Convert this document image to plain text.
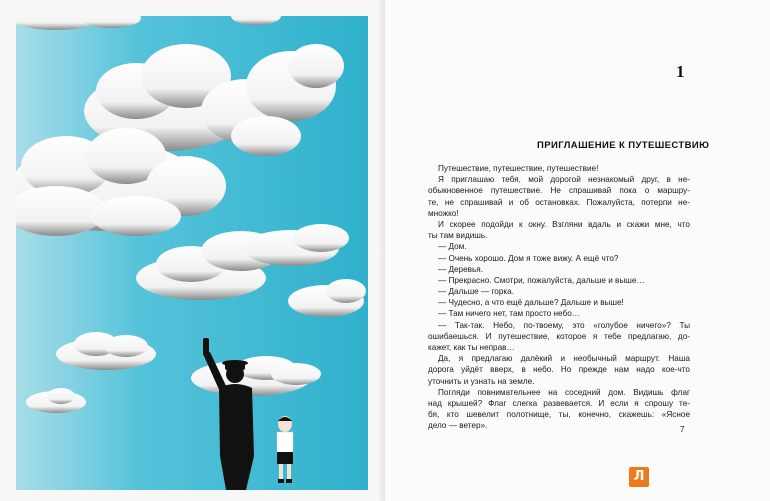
1
ПРИГЛАШЕНИЕ К ПУТЕШЕСТВИЮ
Путешествие, путешествие, путешествие!
Я приглашаю тебя, мой дорогой незнакомый друг, в не-
обыкновенное путешествие. Не спрашивай пока о маршру-
те, не спрашивай и об остановках. Пожалуйста, потерпи не-
множко!
И скорее подойди к окну. Взгляни вдаль и скажи мне, что
ты там видишь.
— Дом.
— Очень хорошо. Дом я тоже вижу. А ещё что?
— Деревья.
— Прекрасно. Смотри, пожалуйста, дальше и выше…
— Дальше — горка.
— Чудесно, а что ещё дальше? Дальше и выше!
— Там ничего нет, там просто небо…
— Так-так. Небо, по-твоему, это «голубое ничего»? Ты
ошибаешься. И путешествие, которое я тебе предлагаю, до-
кажет, как ты неправ…
Да, я предлагаю далёкий и необычный маршрут. Наша
дорога уйдёт вверх, в небо. Но прежде нам надо кое-что
уточнить и узнать на земле.
Погляди повнимательнее на соседний дом. Видишь флаг
над крышей? Флаг слегка развевается. И если я спрошу те-
бя, кто шевелит полотнище, ты, конечно, скажешь: «Ясное
дело — ветер».	7
Л
